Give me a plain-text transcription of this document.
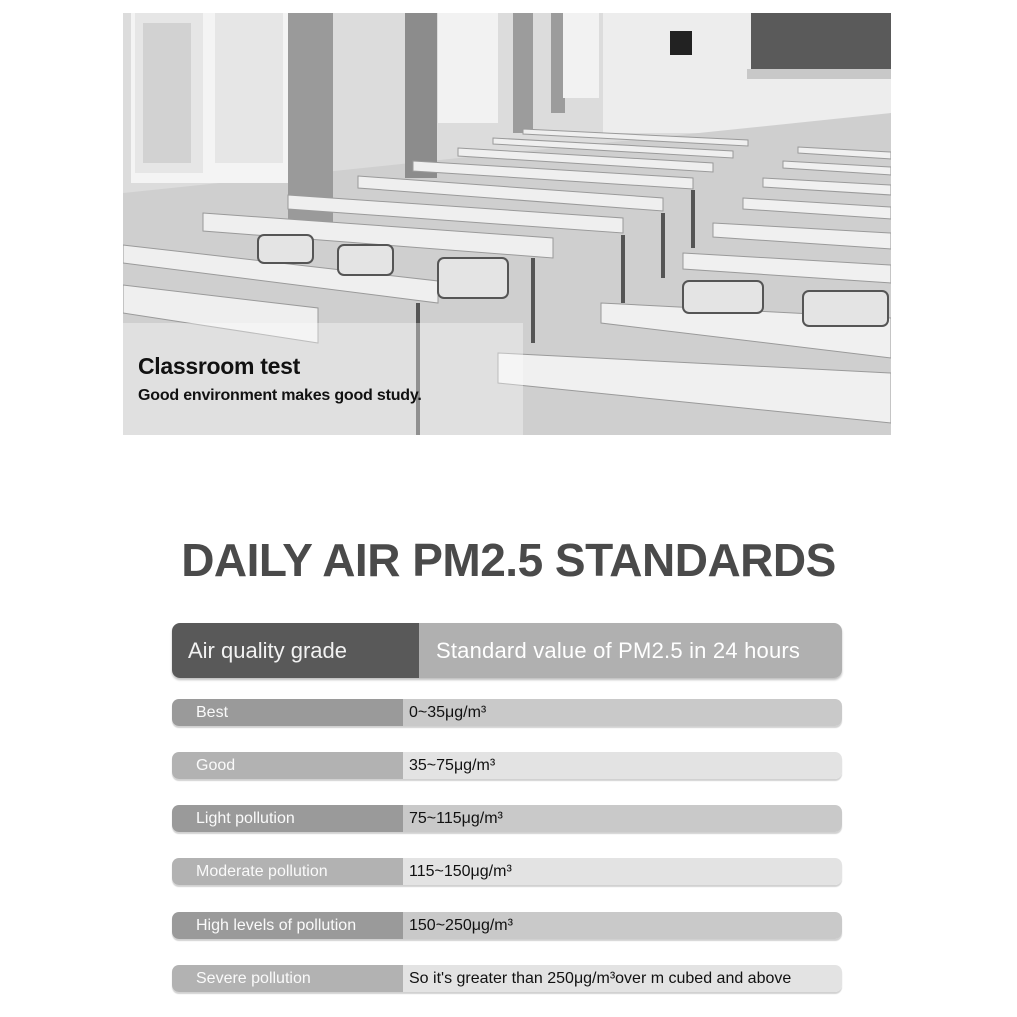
Classroom test
Good environment makes good study.
DAILY AIR PM2.5 STANDARDS
Air quality grade	Standard value of PM2.5 in 24 hours
Best	0~35μg/m³
Good	35~75μg/m³
Light pollution	75~115μg/m³
Moderate pollution	115~150μg/m³
High levels of pollution	150~250μg/m³
Severe pollution	So it's greater than 250μg/m³over m cubed and above
